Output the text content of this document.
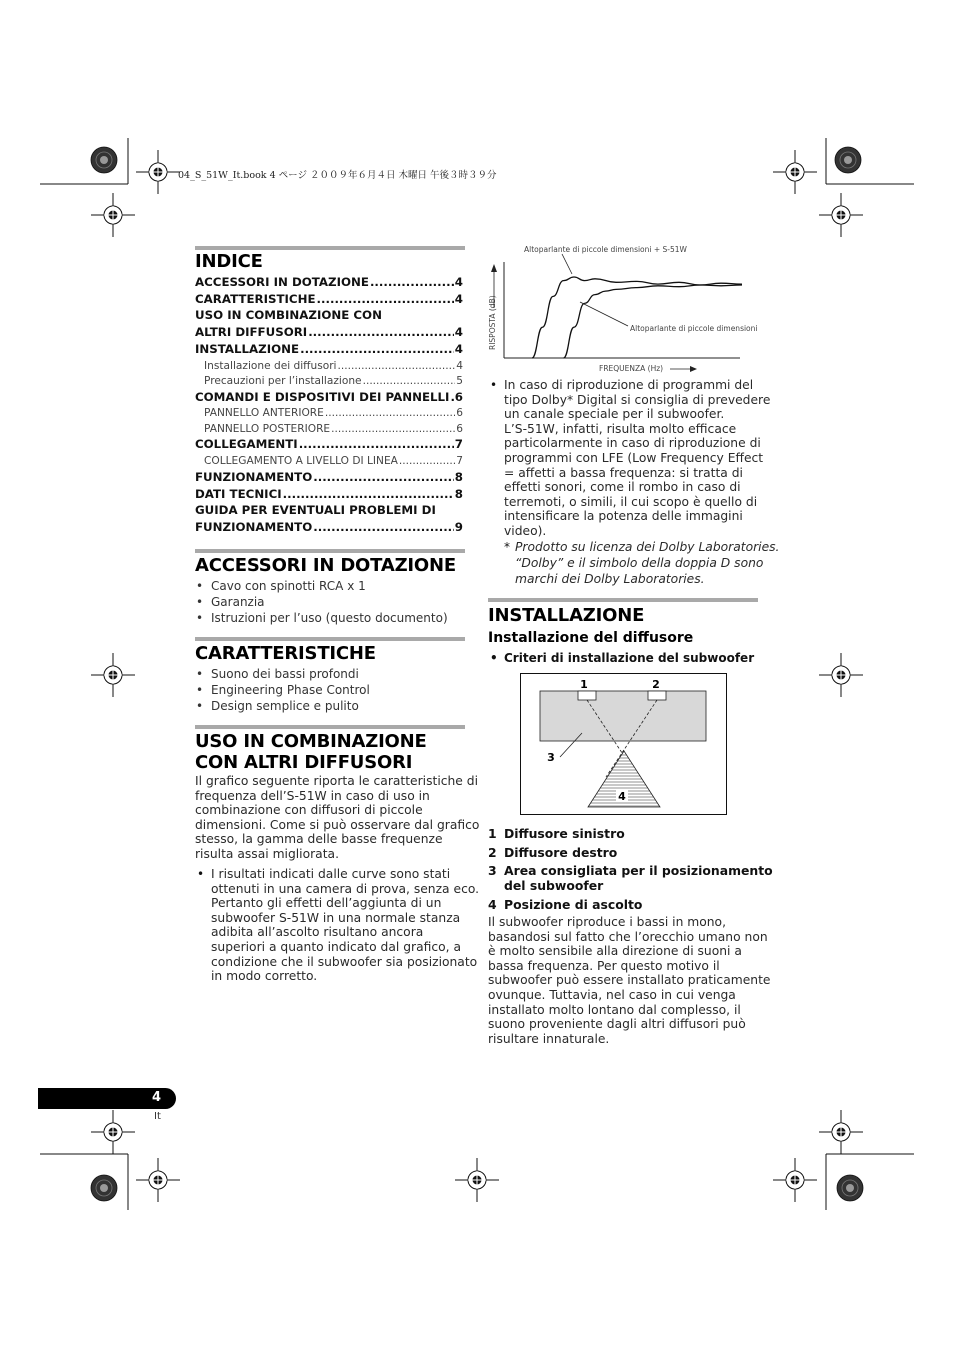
04_S_51W_It.book 4 ページ ２００９年６月４日 木曜日 午後３時３９分
INDICE
ACCESSORI IN DOTAZIONE .....	4
CARATTERISTICHE .....	4
USO IN COMBINAZIONE CON
ALTRI DIFFUSORI .....	4
INSTALLAZIONE .....	4
Installazione dei diffusori .....	4
Precauzioni per l’installazione .....	5
COMANDI E DISPOSITIVI DEI PANNELLI ..... 6
PANNELLO ANTERIORE .....	6
PANNELLO POSTERIORE .....	6
COLLEGAMENTI .....	7
COLLEGAMENTO A LIVELLO DI LINEA .....	7
FUNZIONAMENTO .....	8
DATI TECNICI .....	8
GUIDA PER EVENTUALI PROBLEMI DI
FUNZIONAMENTO .....	9
ACCESSORI IN DOTAZIONE
• Cavo con spinotti RCA x 1
• Garanzia
• Istruzioni per l’uso (questo documento)
CARATTERISTICHE
• Suono dei bassi profondi
• Engineering Phase Control
• Design semplice e pulito
USO IN COMBINAZIONE
CON ALTRI DIFFUSORI
Il grafico seguente riporta le caratteristiche di
frequenza dell’S-51W in caso di uso in
combinazione con diffusori di piccole
dimensioni. Come si può osservare dal grafico
stesso, la gamma delle basse frequenze
risulta assai migliorata.
• I risultati indicati dalle curve sono stati
ottenuti in una camera di prova, senza eco.
Pertanto gli effetti dell’aggiunta di un
subwoofer S-51W in una normale stanza
adibita all’ascolto risultano ancora
superiori a quanto indicato dal grafico, a
condizione che il subwoofer sia posizionato
in modo corretto.
Altoparlante di piccole dimensioni + S-51W
Altoparlante di piccole dimensioni
RISPOSTA (dB)
FREQUENZA (Hz)
• In caso di riproduzione di programmi del
tipo Dolby* Digital si consiglia di prevedere
un canale speciale per il subwoofer.
L’S-51W, infatti, risulta molto efficace
particolarmente in caso di riproduzione di
programmi con LFE (Low Frequency Effect
= affetti a bassa frequenza: si tratta di
effetti sonori, come il rombo in caso di
terremoti, o simili, il cui scopo è quello di
intensificare la potenza delle immagini
video).
* Prodotto su licenza dei Dolby Laboratories.
“Dolby” e il simbolo della doppia D sono
marchi dei Dolby Laboratories.
INSTALLAZIONE
Installazione del diffusore
• Criteri di installazione del subwoofer
1	2
3
4
1 Diffusore sinistro
2 Diffusore destro
3 Area consigliata per il posizionamento
del subwoofer
4 Posizione di ascolto
Il subwoofer riproduce i bassi in mono,
basandosi sul fatto che l’orecchio umano non
è molto sensibile alla direzione di suoni a
bassa frequenza. Per questo motivo il
subwoofer può essere installato praticamente
ovunque. Tuttavia, nel caso in cui venga
installato molto lontano dal complesso, il
suono proveniente dagli altri diffusori può
risultare innaturale.
4
It
